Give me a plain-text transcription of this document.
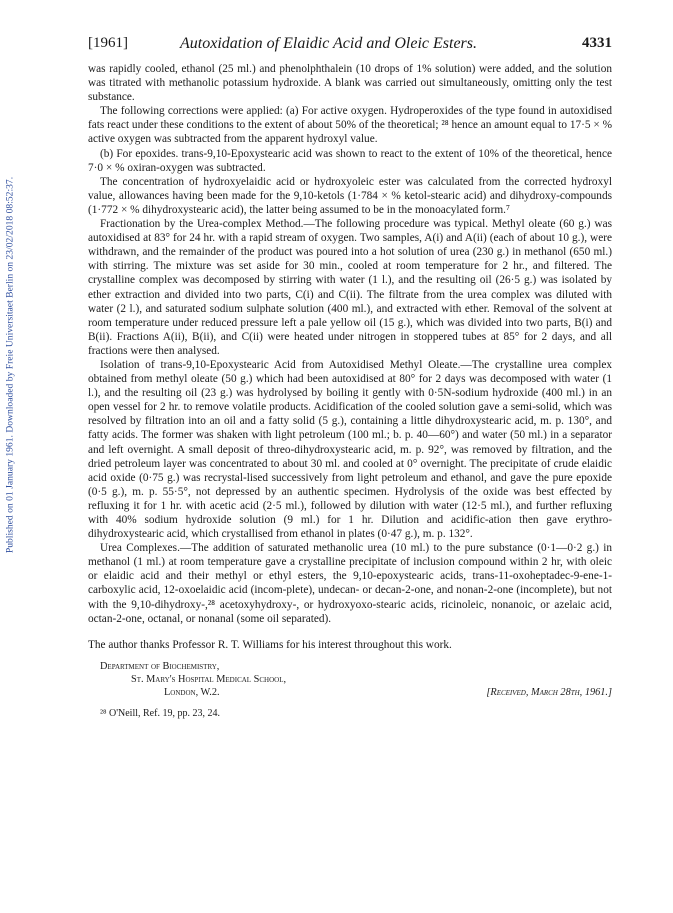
Published on 01 January 1961. Downloaded by Freie Universitaet Berlin on 23/02/2018 08:52:37.
[1961]	Autoxidation of Elaidic Acid and Oleic Esters.	4331

was rapidly cooled, ethanol (25 ml.) and phenolphthalein (10 drops of 1% solution) were added, and the solution was titrated with methanolic potassium hydroxide. A blank was carried out simultaneously, omitting only the test substance.

The following corrections were applied: (a) For active oxygen. Hydroperoxides of the type found in autoxidised fats react under these conditions to the extent of about 50% of the theoretical; ²⁸ hence an amount equal to 17·5 × % active oxygen was subtracted from the apparent hydroxyl value.

(b) For epoxides. trans-9,10-Epoxystearic acid was shown to react to the extent of 10% of the theoretical, hence 7·0 × % oxiran-oxygen was subtracted.

The concentration of hydroxyelaidic acid or hydroxyoleic ester was calculated from the corrected hydroxyl value, allowances having been made for the 9,10-ketols (1·784 × % ketol-stearic acid) and dihydroxy-compounds (1·772 × % dihydroxystearic acid), the latter being assumed to be in the monoacylated form.⁷

Fractionation by the Urea-complex Method.—The following procedure was typical. Methyl oleate (60 g.) was autoxidised at 83° for 24 hr. with a rapid stream of oxygen. Two samples, A(i) and A(ii) (each of about 10 g.), were withdrawn, and the remainder of the product was poured into a hot solution of urea (230 g.) in methanol (650 ml.) with stirring. The mixture was set aside for 30 min., cooled at room temperature for 2 hr., and filtered. The crystalline complex was decomposed by stirring with water (1 l.), and the resulting oil (26·5 g.) was isolated by ether extraction and divided into two parts, C(i) and C(ii). The filtrate from the urea complex was diluted with water (2 l.), and saturated sodium sulphate solution (400 ml.), and extracted with ether. Removal of the solvent at room temperature under reduced pressure left a pale yellow oil (15 g.), which was divided into two parts, B(i) and B(ii). Fractions A(ii), B(ii), and C(ii) were heated under nitrogen in stoppered tubes at 85° for 2 days, and all fractions were then analysed.

Isolation of trans-9,10-Epoxystearic Acid from Autoxidised Methyl Oleate.—The crystalline urea complex obtained from methyl oleate (50 g.) which had been autoxidised at 80° for 2 days was decomposed with water (1 l.), and the resulting oil (23 g.) was hydrolysed by boiling it gently with 0·5N-sodium hydroxide (400 ml.) in an open vessel for 2 hr. to remove volatile products. Acidification of the cooled solution gave a semi-solid, which was resolved by filtration into an oil and a fatty solid (5 g.), containing a little dihydroxystearic acid, m. p. 130°, and fatty acids. The former was shaken with light petroleum (100 ml.; b. p. 40—60°) and water (50 ml.) in a separator and left overnight. A small deposit of threo-dihydroxystearic acid, m. p. 92°, was removed by filtration, and the dried petroleum layer was concentrated to about 30 ml. and cooled at 0° overnight. The precipitate of crude elaidic acid oxide (0·75 g.) was recrystal-lised successively from light petroleum and ethanol, and gave the pure epoxide (0·5 g.), m. p. 55·5°, not depressed by an authentic specimen. Hydrolysis of the oxide was best effected by refluxing it for 1 hr. with acetic acid (2·5 ml.), followed by dilution with water (12·5 ml.), and further refluxing with 40% sodium hydroxide solution (9 ml.) for 1 hr. Dilution and acidific-ation then gave erythro-dihydroxystearic acid, which crystallised from ethanol in plates (0·47 g.), m. p. 132°.

Urea Complexes.—The addition of saturated methanolic urea (10 ml.) to the pure substance (0·1—0·2 g.) in methanol (1 ml.) at room temperature gave a crystalline precipitate of inclusion compound within 2 hr, with oleic or elaidic acid and their methyl or ethyl esters, the 9,10-epoxystearic acids, trans-11-oxoheptadec-9-ene-1-carboxylic acid, 12-oxoelaidic acid (incom-plete), undecan- or decan-2-one, and nonan-2-one (incomplete), but not with the 9,10-dihydroxy-,²⁸ acetoxyhydroxy-, or hydroxyoxo-stearic acids, ricinoleic, nonanoic, or azelaic acid, octan-2-one, octanal, or nonanal (some oil separated).

The author thanks Professor R. T. Williams for his interest throughout this work.

Department of Biochemistry,
St. Mary's Hospital Medical School,
London, W.2.	[Received, March 28th, 1961.]
²⁸ O'Neill, Ref. 19, pp. 23, 24.
